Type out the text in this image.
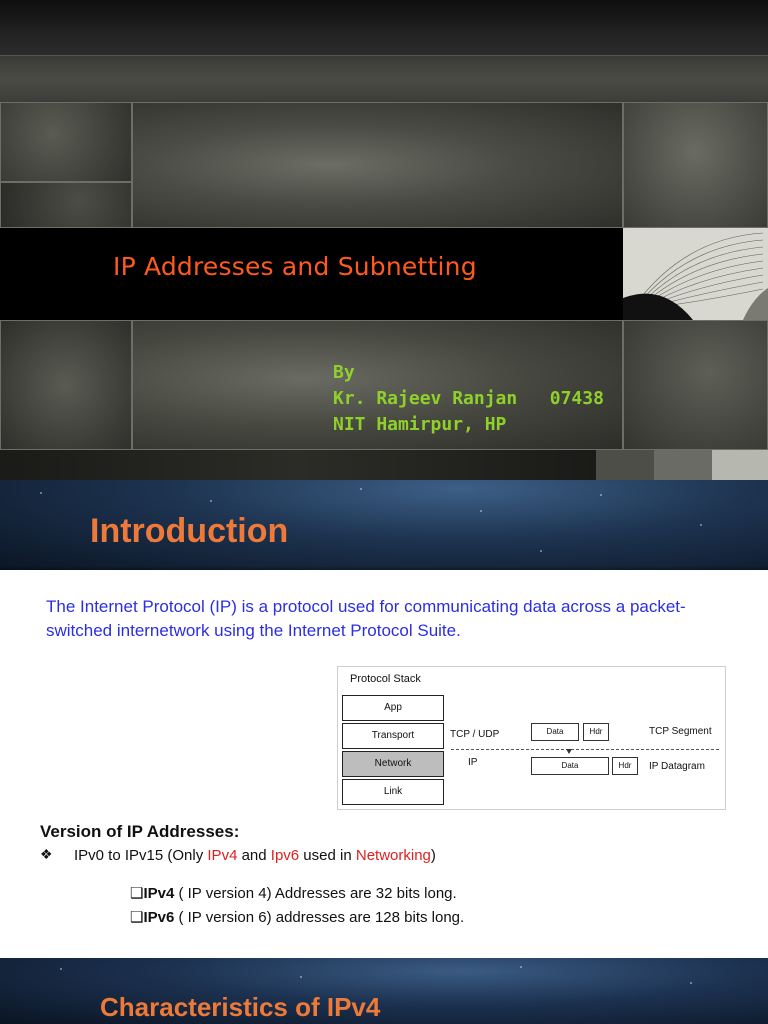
IP Addresses and Subnetting
By
Kr. Rajeev Ranjan   07438
NIT Hamirpur, HP
Introduction
The Internet Protocol (IP) is a protocol used for communicating data across a packet-switched internetwork using the Internet Protocol Suite.
Protocol Stack
App
Transport
Network
Link
TCP / UDP
IP
Data	Hdr	TCP Segment
Data	Hdr	IP Datagram
Version of IP Addresses:
❖ IPv0 to IPv15 (Only IPv4 and Ipv6 used in Networking)
❑IPv4 ( IP version 4) Addresses are 32 bits long.
❑IPv6 ( IP version 6) addresses are 128 bits long.
Characteristics of IPv4
